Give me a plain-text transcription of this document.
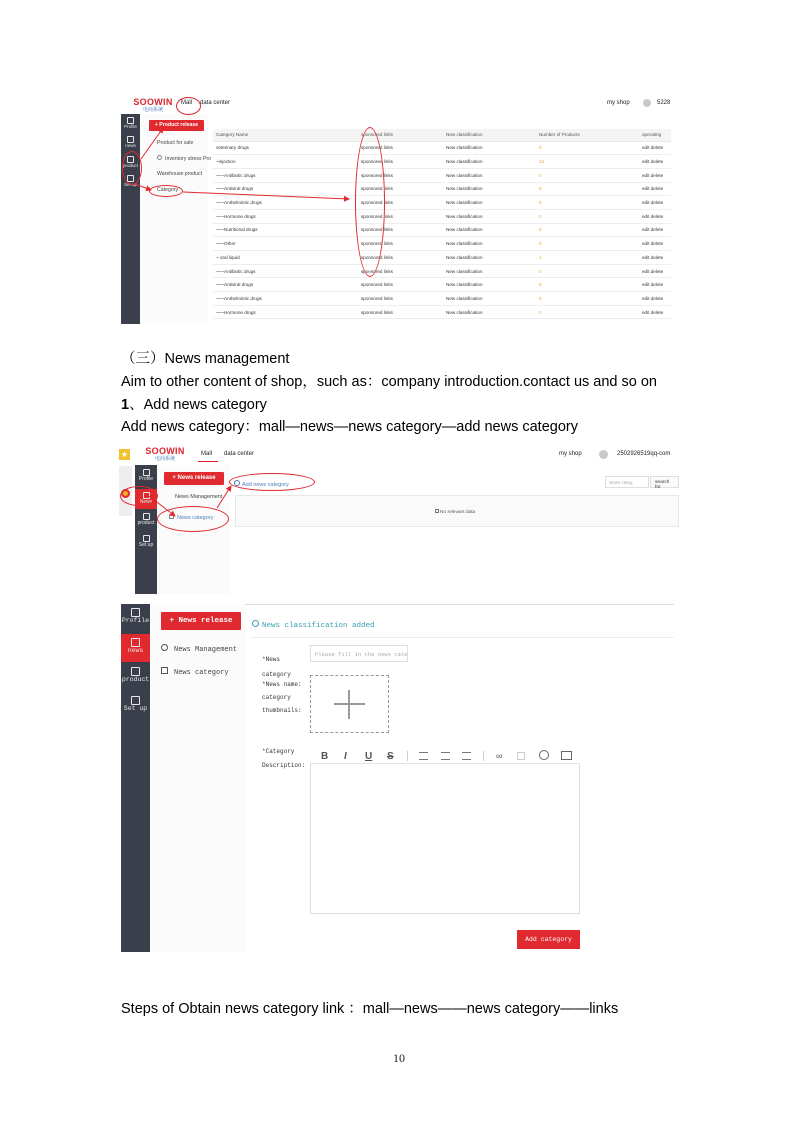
SOOWIN
电商系统
Mall data center	my shop	5228
Profile
news
product
Set up
+ Product release
Product for sale
Inventory stress Pro
Warehouse product
Category
Category Name	sponsored links	New classification	Number of Products	operating
veterinary drugs	sponsored links	New classification	0	edit delete
~injection	sponsored links	New classification	12	edit delete
~~~Antibiotic drugs	sponsored links	New classification	0	edit delete
~~~Antiviral drugs	sponsored links	New classification	0	edit delete
~~~Anthelmintic drugs	sponsored links	New classification	0	edit delete
~~~Hormone drugs	sponsored links	New classification	0	edit delete
~~~Nutritional drugs	sponsored links	New classification	0	edit delete
~~~Other	sponsored links	New classification	0	edit delete
~ oral liquid	sponsored links	New classification	1	edit delete
~~~Antibiotic drugs	sponsored links	New classification	0	edit delete
~~~Antiviral drugs	sponsored links	New classification	0	edit delete
~~~Anthelmintic drugs	sponsored links	New classification	0	edit delete
~~~Hormone drugs	sponsored links	New classification	0	edit delete
（三）News management
Aim to other content of shop，such as：company introduction.contact us and so on
1、Add news category
Add news category：mall—news—news category—add news category
★ SOOWIN
电商系统
Mall data center	my shop	2502926519qq-com
Profile
News
product
Set up
+ News release
News Management
News category
Add news category	News categ	search for
No relevant data
Profile
news
product
Set up
+ News release
News Management
News category
News classification added
*News
category
Please fill in the news cate
*News name:
category
thumbnails:
*Category
Description:
Add category
B I U S	∞
Steps of Obtain news category link ：mall—news——news category——links
10
